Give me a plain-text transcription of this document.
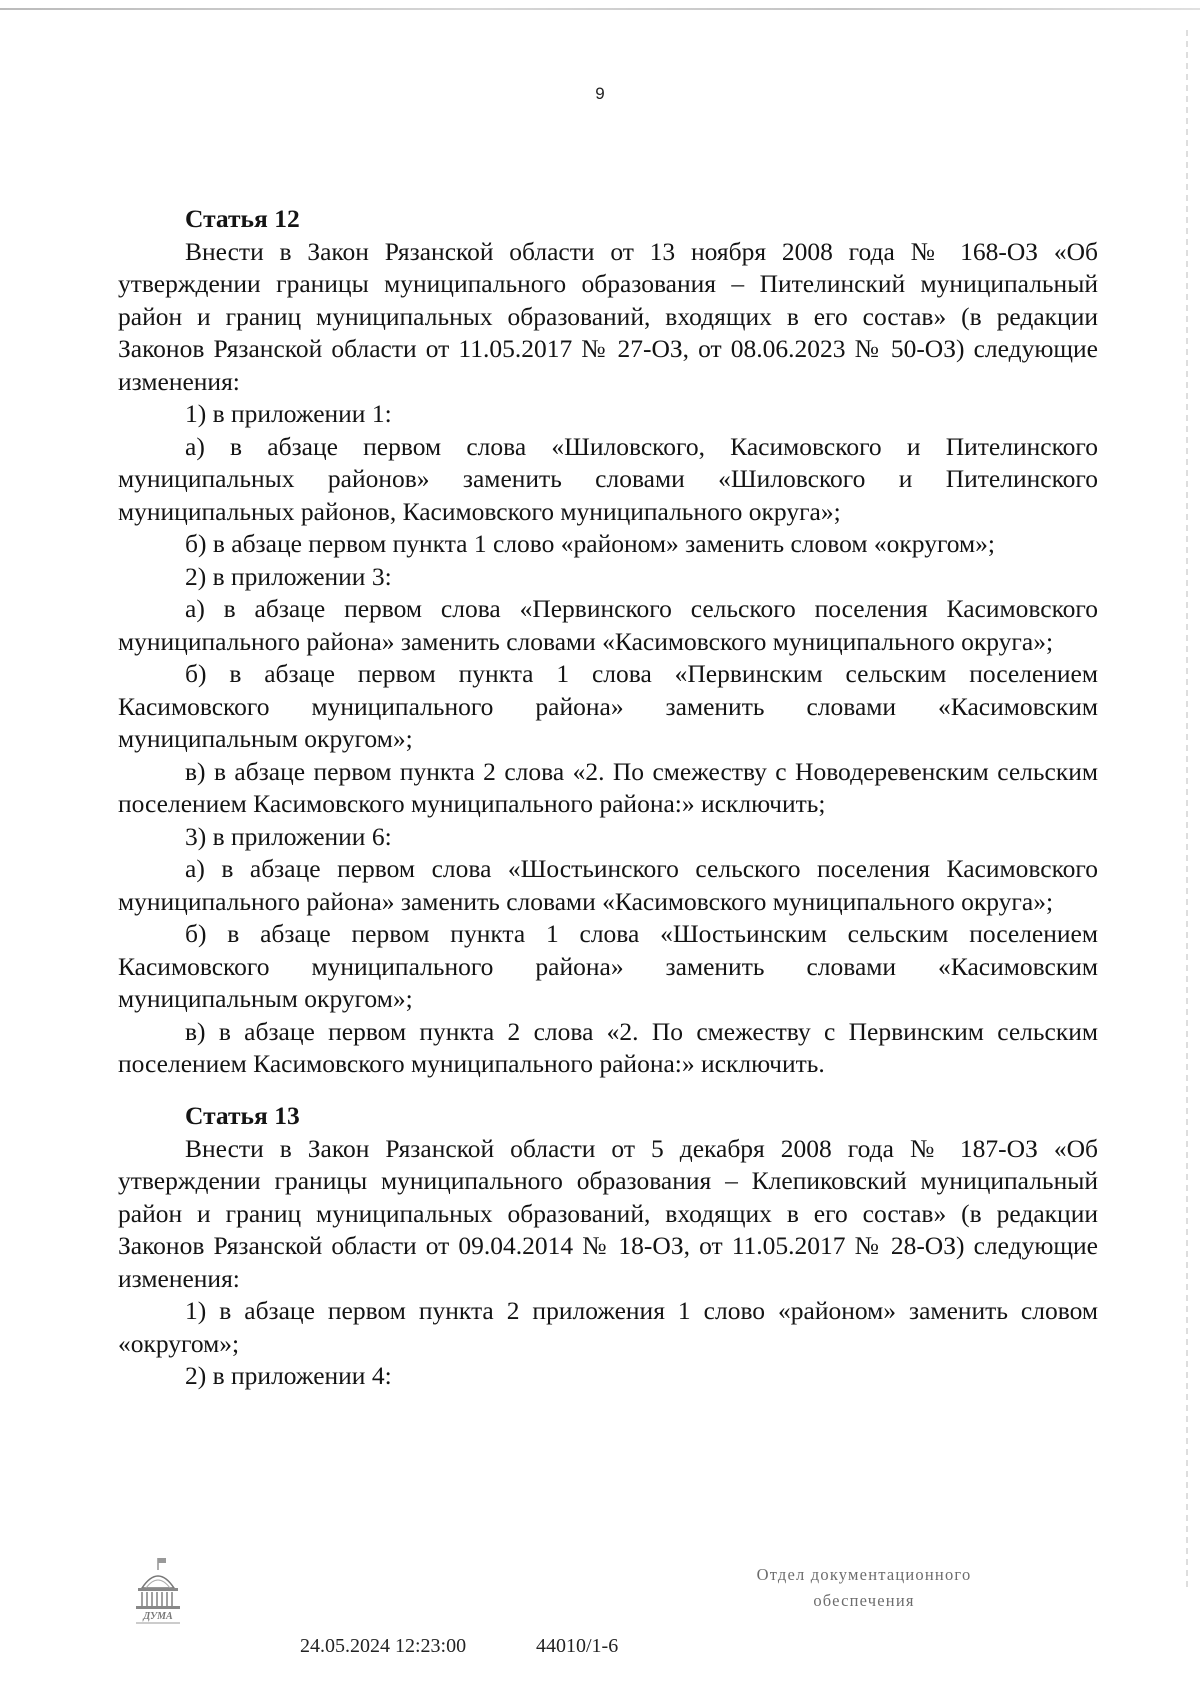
9

Статья 12

Внести в Закон Рязанской области от 13 ноября 2008 года № 168-ОЗ «Об утверждении границы муниципального образования – Пителинский муниципальный район и границ муниципальных образований, входящих в его состав» (в редакции Законов Рязанской области от 11.05.2017 № 27-ОЗ, от 08.06.2023 № 50-ОЗ) следующие изменения:

1) в приложении 1:

а) в абзаце первом слова «Шиловского, Касимовского и Пителинского муниципальных районов» заменить словами «Шиловского и Пителинского муниципальных районов, Касимовского муниципального округа»;

б) в абзаце первом пункта 1 слово «районом» заменить словом «округом»;

2) в приложении 3:

а) в абзаце первом слова «Первинского сельского поселения Касимовского муниципального района» заменить словами «Касимовского муниципального округа»;

б) в абзаце первом пункта 1 слова «Первинским сельским поселением Касимовского муниципального района» заменить словами «Касимовским муниципальным округом»;

в) в абзаце первом пункта 2 слова «2. По смежеству с Новодеревенским сельским поселением Касимовского муниципального района:» исключить;

3) в приложении 6:

а) в абзаце первом слова «Шостьинского сельского поселения Касимовского муниципального района» заменить словами «Касимовского муниципального округа»;

б) в абзаце первом пункта 1 слова «Шостьинским сельским поселением Касимовского муниципального района» заменить словами «Касимовским муниципальным округом»;

в) в абзаце первом пункта 2 слова «2. По смежеству с Первинским сельским поселением Касимовского муниципального района:» исключить.

Статья 13

Внести в Закон Рязанской области от 5 декабря 2008 года № 187-ОЗ «Об утверждении границы муниципального образования – Клепиковский муниципальный район и границ муниципальных образований, входящих в его состав» (в редакции Законов Рязанской области от 09.04.2014 № 18-ОЗ, от 11.05.2017 № 28-ОЗ) следующие изменения:

1) в абзаце первом пункта 2 приложения 1 слово «районом» заменить словом «округом»;

2) в приложении 4:

ДУМА
24.05.2024 12:23:00	44010/1-6
Отдел документационного
обеспечения
